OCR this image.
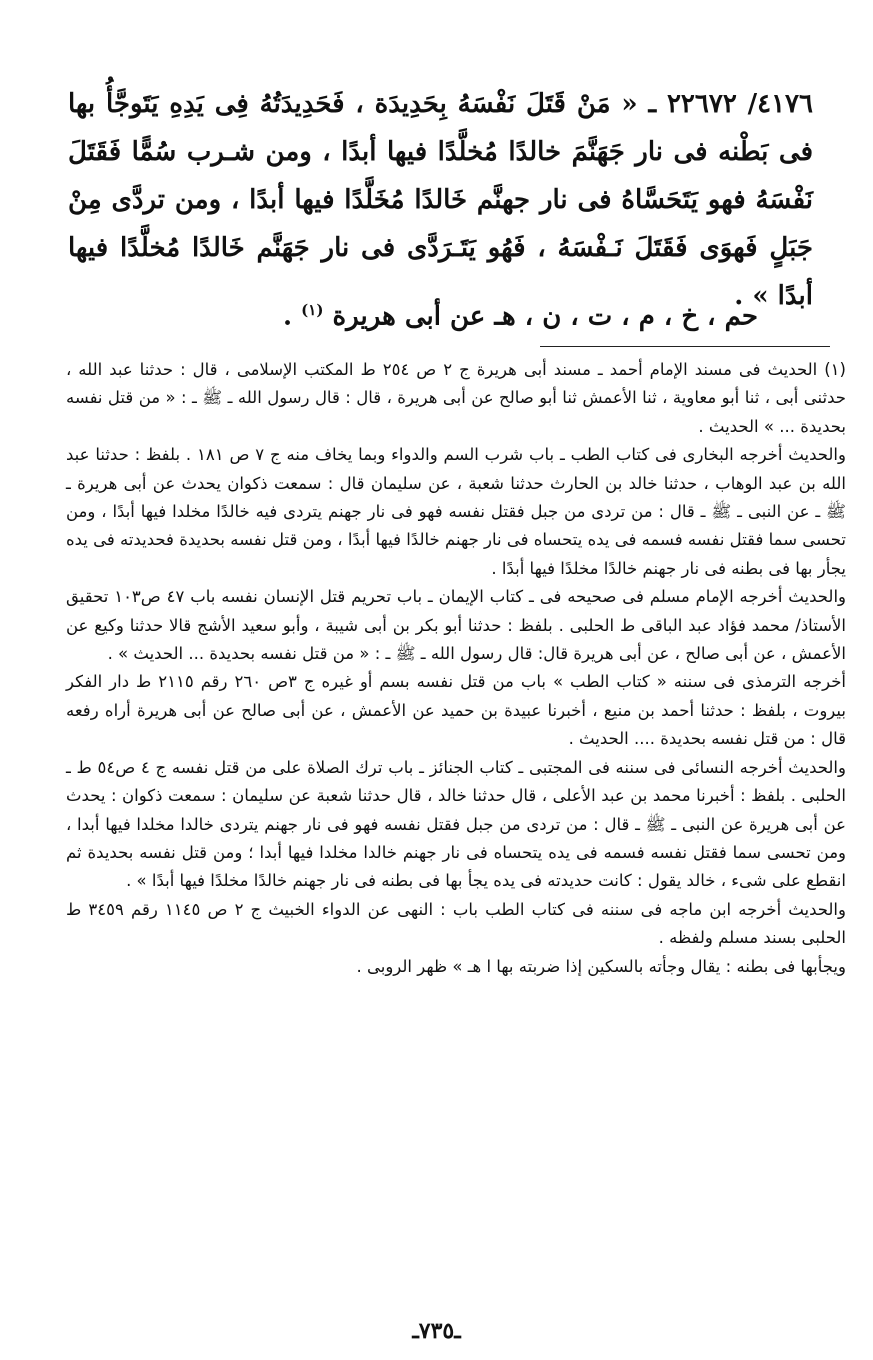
٤١٧٦/ ٢٢٦٧٢ ـ « مَنْ قَتَلَ نَفْسَهُ بِحَدِيدَة ، فَحَدِيدَتُهُ فِى يَدِهِ يَتَوجَّأُ بها فى بَطْنه فى نار جَهَنَّمَ خالدًا مُخلَّدًا فيها أبدًا ، ومن شـرب سُمًّا فَقَتَلَ نَفْسَهُ فهو يَتَحَسَّاهُ فى نار جهنَّم خَالدًا مُخَلَّدًا فيها أبدًا ، ومن تردَّى مِنْ جَبَلٍ فَهوَى فَقَتَلَ نَـفْسَهُ ، فَهُو يَتَـرَدَّى فى نار جَهَنَّم خَالدًا مُخلَّدًا فيها أبدًا » .

حم ، خ ، م ، ت ، ن ، هـ عن أبى هريرة $^{(١)}$ .

(١) الحديث فى مسند الإمام أحمد ـ مسند أبى هريرة ج ٢ ص ٢٥٤ ط المكتب الإسلامى ، قال : حدثنا عبد الله ، حدثنى أبى ، ثنا أبو معاوية ، ثنا الأعمش ثنا أبو صالح عن أبى هريرة ، قال : قال رسول الله ـ ﷺ ـ : « من قتل نفسه بحديدة ... » الحديث .

والحديث أخرجه البخارى فى كتاب الطب ـ باب شرب السم والدواء وبما يخاف منه ج ٧ ص ١٨١ . بلفظ : حدثنا عبد الله بن عبد الوهاب ، حدثنا خالد بن الحارث حدثنا شعبة ، عن سليمان قال : سمعت ذكوان يحدث عن أبى هريرة ـ ﷺ ـ عن النبى ـ ﷺ ـ قال : من تردى من جبل فقتل نفسه فهو فى نار جهنم يتردى فيه خالدًا مخلدا فيها أبدًا ، ومن تحسى سما فقتل نفسه فسمه فى يده يتحساه فى نار جهنم خالدًا فيها أبدًا ، ومن قتل نفسه بحديدة فحديدته فى يده يجأر بها فى بطنه فى نار جهنم خالدًا مخلدًا فيها أبدًا .

والحديث أخرجه الإمام مسلم فى صحيحه فى ـ كتاب الإيمان ـ باب تحريم قتل الإنسان نفسه باب ٤٧ ص١٠٣ تحقيق الأستاذ/ محمد فؤاد عبد الباقى ط الحلبى . بلفظ : حدثنا أبو بكر بن أبى شيبة ، وأبو سعيد الأشج قالا حدثنا وكيع عن الأعمش ، عن أبى صالح ، عن أبى هريرة قال: قال رسول الله ـ ﷺ ـ : « من قتل نفسه بحديدة ... الحديث » .

أخرجه الترمذى فى سننه « كتاب الطب » باب من قتل نفسه بسم أو غيره ج ٣ص ٢٦٠ رقم ٢١١٥ ط دار الفكر بيروت ، بلفظ : حدثنا أحمد بن منيع ، أخبرنا عبيدة بن حميد عن الأعمش ، عن أبى صالح عن أبى هريرة أراه رفعه قال : من قتل نفسه بحديدة .... الحديث .

والحديث أخرجه النسائى فى سننه فى المجتبى ـ كتاب الجنائز ـ باب ترك الصلاة على من قتل نفسه ج ٤ ص٥٤ ط ـ الحلبى . بلفظ : أخبرنا محمد بن عبد الأعلى ، قال حدثنا خالد ، قال حدثنا شعبة عن سليمان : سمعت ذكوان : يحدث عن أبى هريرة عن النبى ـ ﷺ ـ قال : من تردى من جبل فقتل نفسه فهو فى نار جهنم يتردى خالدا مخلدا فيها أبدا ، ومن تحسى سما فقتل نفسه فسمه فى يده يتحساه فى نار جهنم خالدا مخلدا فيها أبدا ؛ ومن قتل نفسه بحديدة ثم انقطع على شىء ، خالد يقول : كانت حديدته فى يده يجأ بها فى بطنه فى نار جهنم خالدًا مخلدًا فيها أبدًا » .

والحديث أخرجه ابن ماجه فى سننه فى كتاب الطب باب : النهى عن الدواء الخبيث ج ٢ ص ١١٤٥ رقم ٣٤٥٩ ط الحلبى بسند مسلم ولفظه .

ويجأبها فى بطنه : يقال وجأته بالسكين إذا ضربته بها ا هـ » ظهر الروبى .

ـ٧٣٥ـ
